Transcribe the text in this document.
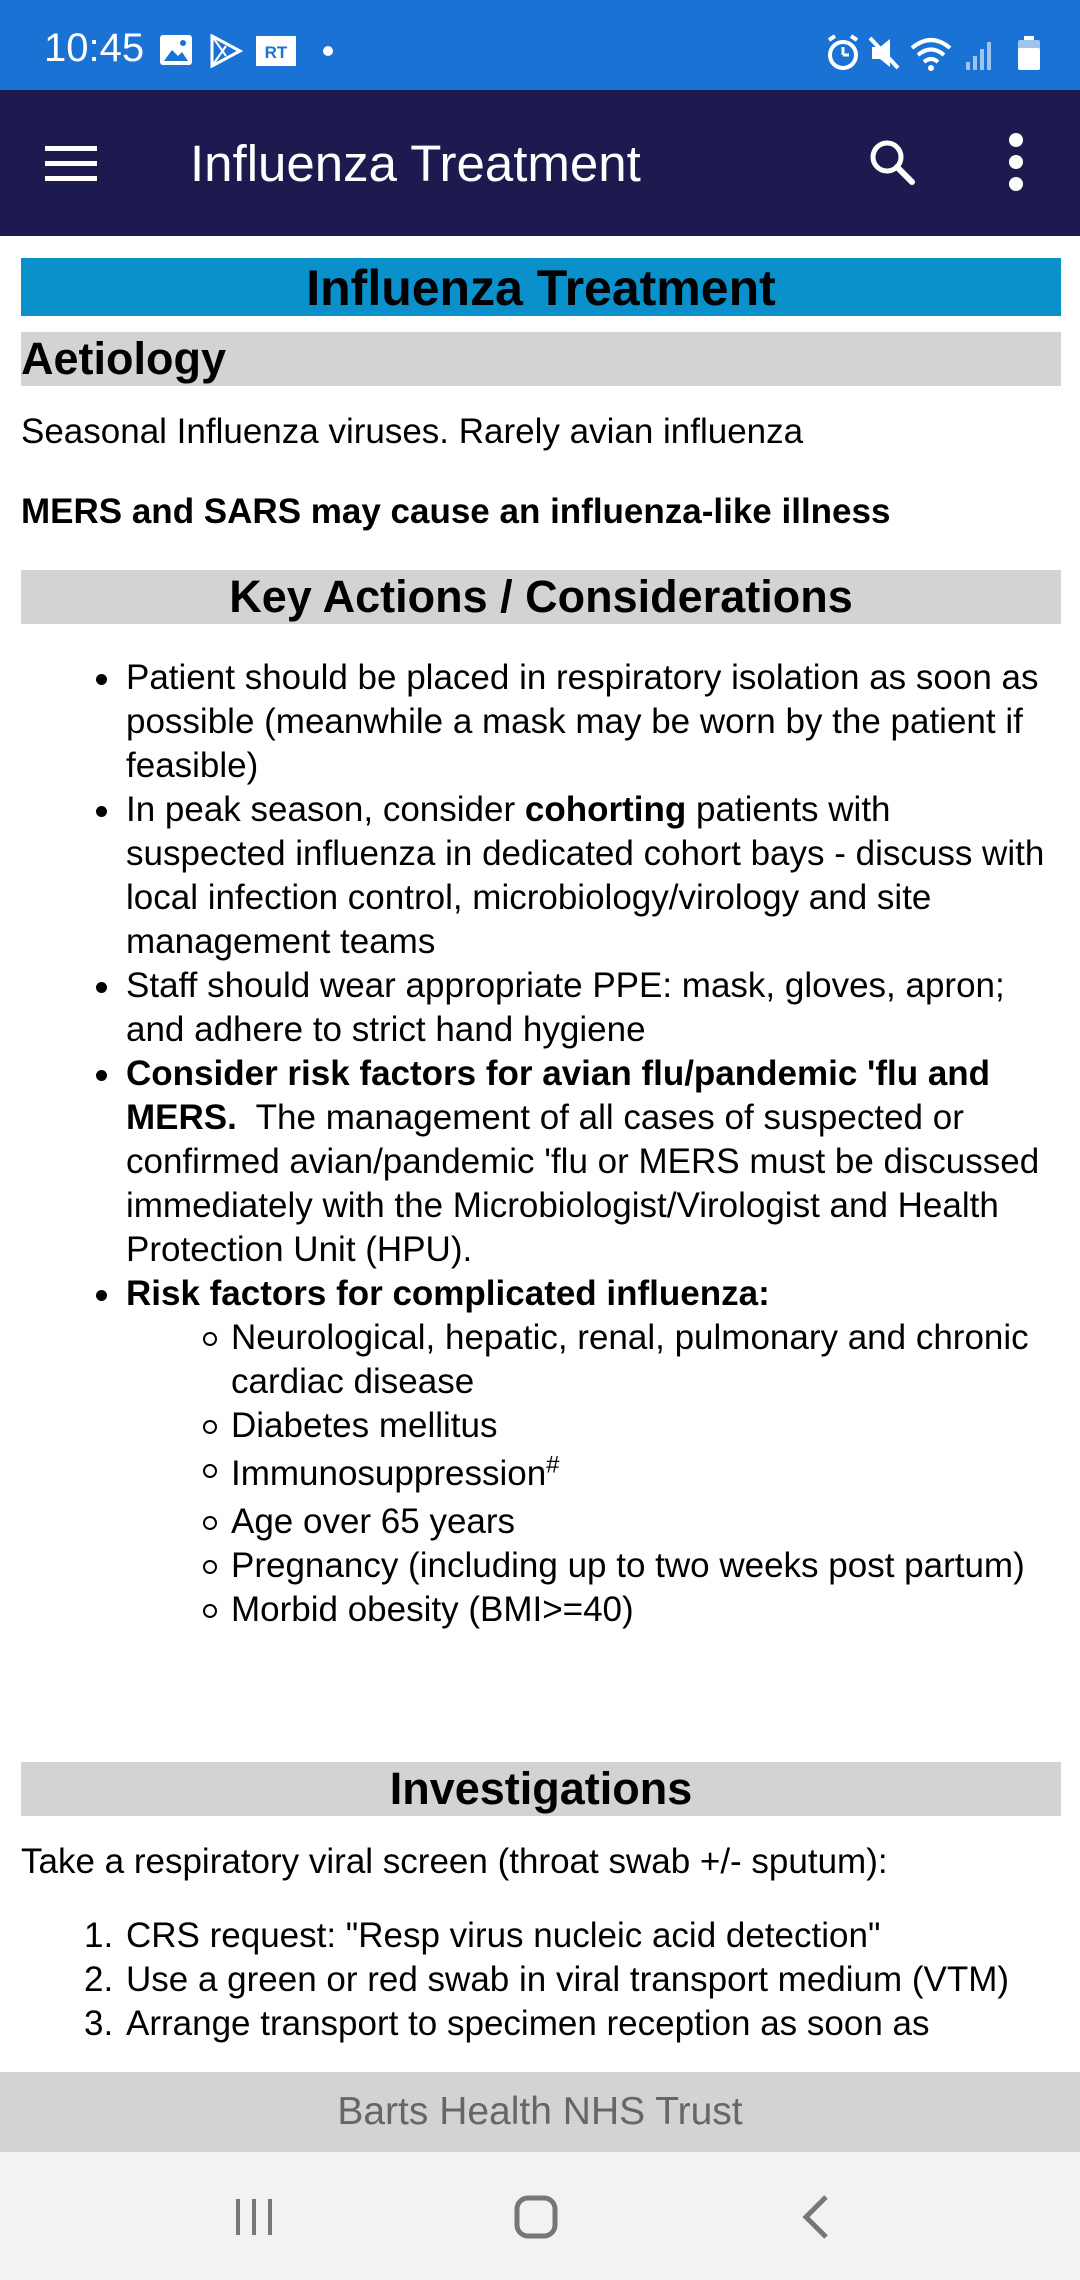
10:45	RT
Influenza Treatment
Influenza Treatment
Aetiology
Seasonal Influenza viruses. Rarely avian influenza
MERS and SARS may cause an influenza-like illness
Key Actions / Considerations
Patient should be placed in respiratory isolation as soon as possible (meanwhile a mask may be worn by the patient if feasible)
In peak season, consider cohorting patients with suspected influenza in dedicated cohort bays - discuss with local infection control, microbiology/virology and site management teams
Staff should wear appropriate PPE: mask, gloves, apron; and adhere to strict hand hygiene
Consider risk factors for avian flu/pandemic 'flu and MERS.  The management of all cases of suspected or confirmed avian/pandemic 'flu or MERS must be discussed immediately with the Microbiologist/Virologist and Health Protection Unit (HPU).
Risk factors for complicated influenza:
Neurological, hepatic, renal, pulmonary and chronic cardiac disease
Diabetes mellitus
Immunosuppression#
Age over 65 years
Pregnancy (including up to two weeks post partum)
Morbid obesity (BMI>=40)
Investigations
Take a respiratory viral screen (throat swab +/- sputum):
1. CRS request: "Resp virus nucleic acid detection"
2. Use a green or red swab in viral transport medium (VTM)
3. Arrange transport to specimen reception as soon as
Barts Health NHS Trust
